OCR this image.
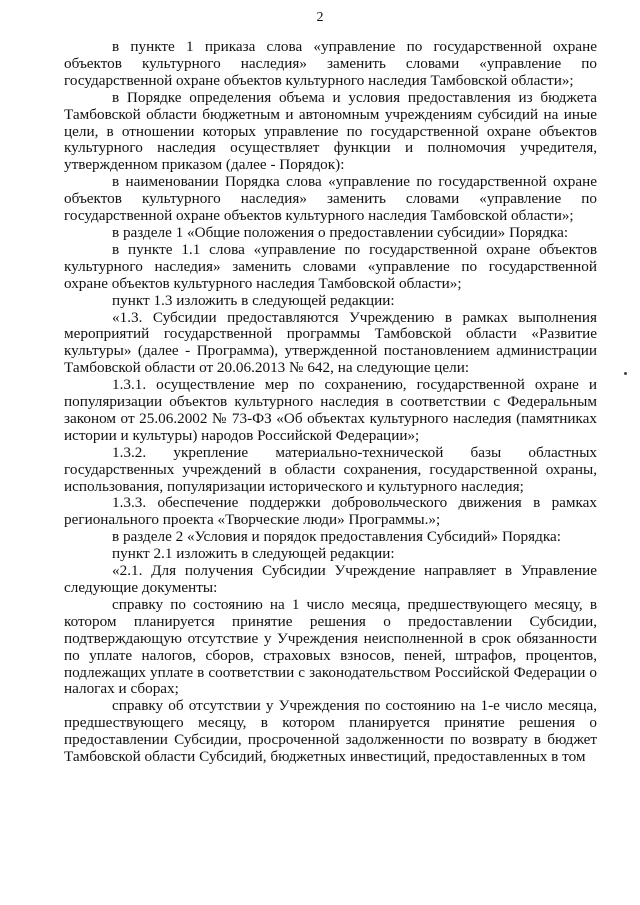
2

в пункте 1 приказа слова «управление по государственной охране объектов культурного наследия» заменить словами «управление по государственной охране объектов культурного наследия Тамбовской области»;

в Порядке определения объема и условия предоставления из бюджета Тамбовской области бюджетным и автономным учреждениям субсидий на иные цели, в отношении которых управление по государственной охране объектов культурного наследия осуществляет функции и полномочия учредителя, утвержденном приказом (далее - Порядок):

в наименовании Порядка слова «управление по государственной охране объектов культурного наследия» заменить словами «управление по государственной охране объектов культурного наследия Тамбовской области»;

в разделе 1 «Общие положения о предоставлении субсидии» Порядка:

в пункте 1.1 слова «управление по государственной охране объектов культурного наследия» заменить словами «управление по государственной охране объектов культурного наследия Тамбовской области»;

пункт 1.3 изложить в следующей редакции:

«1.3. Субсидии предоставляются Учреждению в рамках выполнения мероприятий государственной программы Тамбовской области «Развитие культуры» (далее - Программа), утвержденной постановлением администрации Тамбовской области от 20.06.2013 № 642, на следующие цели:

1.3.1. осуществление мер по сохранению, государственной охране и популяризации объектов культурного наследия в соответствии с Федеральным законом от 25.06.2002 № 73-ФЗ «Об объектах культурного наследия (памятниках истории и культуры) народов Российской Федерации»;

1.3.2. укрепление материально-технической базы областных государственных учреждений в области сохранения, государственной охраны, использования, популяризации исторического и культурного наследия;

1.3.3. обеспечение поддержки добровольческого движения в рамках регионального проекта «Творческие люди» Программы.»;

в разделе 2 «Условия и порядок предоставления Субсидий» Порядка:

пункт 2.1 изложить в следующей редакции:

«2.1. Для получения Субсидии Учреждение направляет в Управление следующие документы:

справку по состоянию на 1 число месяца, предшествующего месяцу, в котором планируется принятие решения о предоставлении Субсидии, подтверждающую отсутствие у Учреждения неисполненной в срок обязанности по уплате налогов, сборов, страховых взносов, пеней, штрафов, процентов, подлежащих уплате в соответствии с законодательством Российской Федерации о налогах и сборах;

справку об отсутствии у Учреждения по состоянию на 1-е число месяца, предшествующего месяцу, в котором планируется принятие решения о предоставлении Субсидии, просроченной задолженности по возврату в бюджет Тамбовской области Субсидий, бюджетных инвестиций, предоставленных в том
